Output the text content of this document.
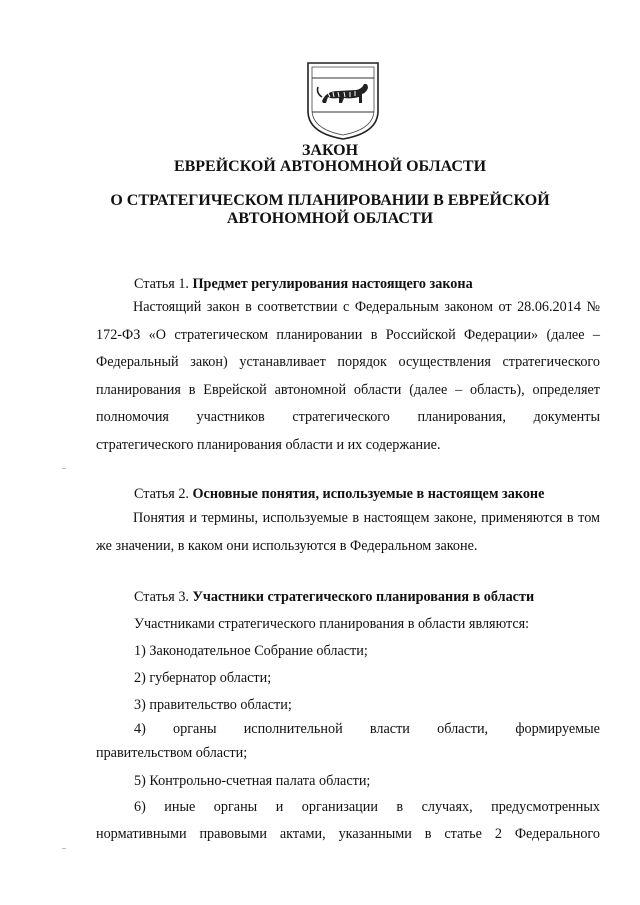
ЗАКОН
ЕВРЕЙСКОЙ АВТОНОМНОЙ ОБЛАСТИ
О СТРАТЕГИЧЕСКОМ ПЛАНИРОВАНИИ В ЕВРЕЙСКОЙ
АВТОНОМНОЙ ОБЛАСТИ
Статья 1. Предмет регулирования настоящего закона
Настоящий закон в соответствии с Федеральным законом от 28.06.2014 № 172-ФЗ «О стратегическом планировании в Российской Федерации» (далее – Федеральный закон) устанавливает порядок осуществления стратегического планирования в Еврейской автономной области (далее – область), определяет полномочия участников стратегического планирования, документы стратегического планирования области и их содержание.
Статья 2. Основные понятия, используемые в настоящем законе
Понятия и термины, используемые в настоящем законе, применяются в том же значении, в каком они используются в Федеральном законе.
Статья 3. Участники стратегического планирования в области
Участниками стратегического планирования в области являются:
1) Законодательное Собрание области;
2) губернатор области;
3) правительство области;
4) органы исполнительной власти области, формируемые
правительством области;
5) Контрольно-счетная палата области;
6) иные органы и организации в случаях, предусмотренных
нормативными правовыми актами, указанными в статье 2 Федерального
